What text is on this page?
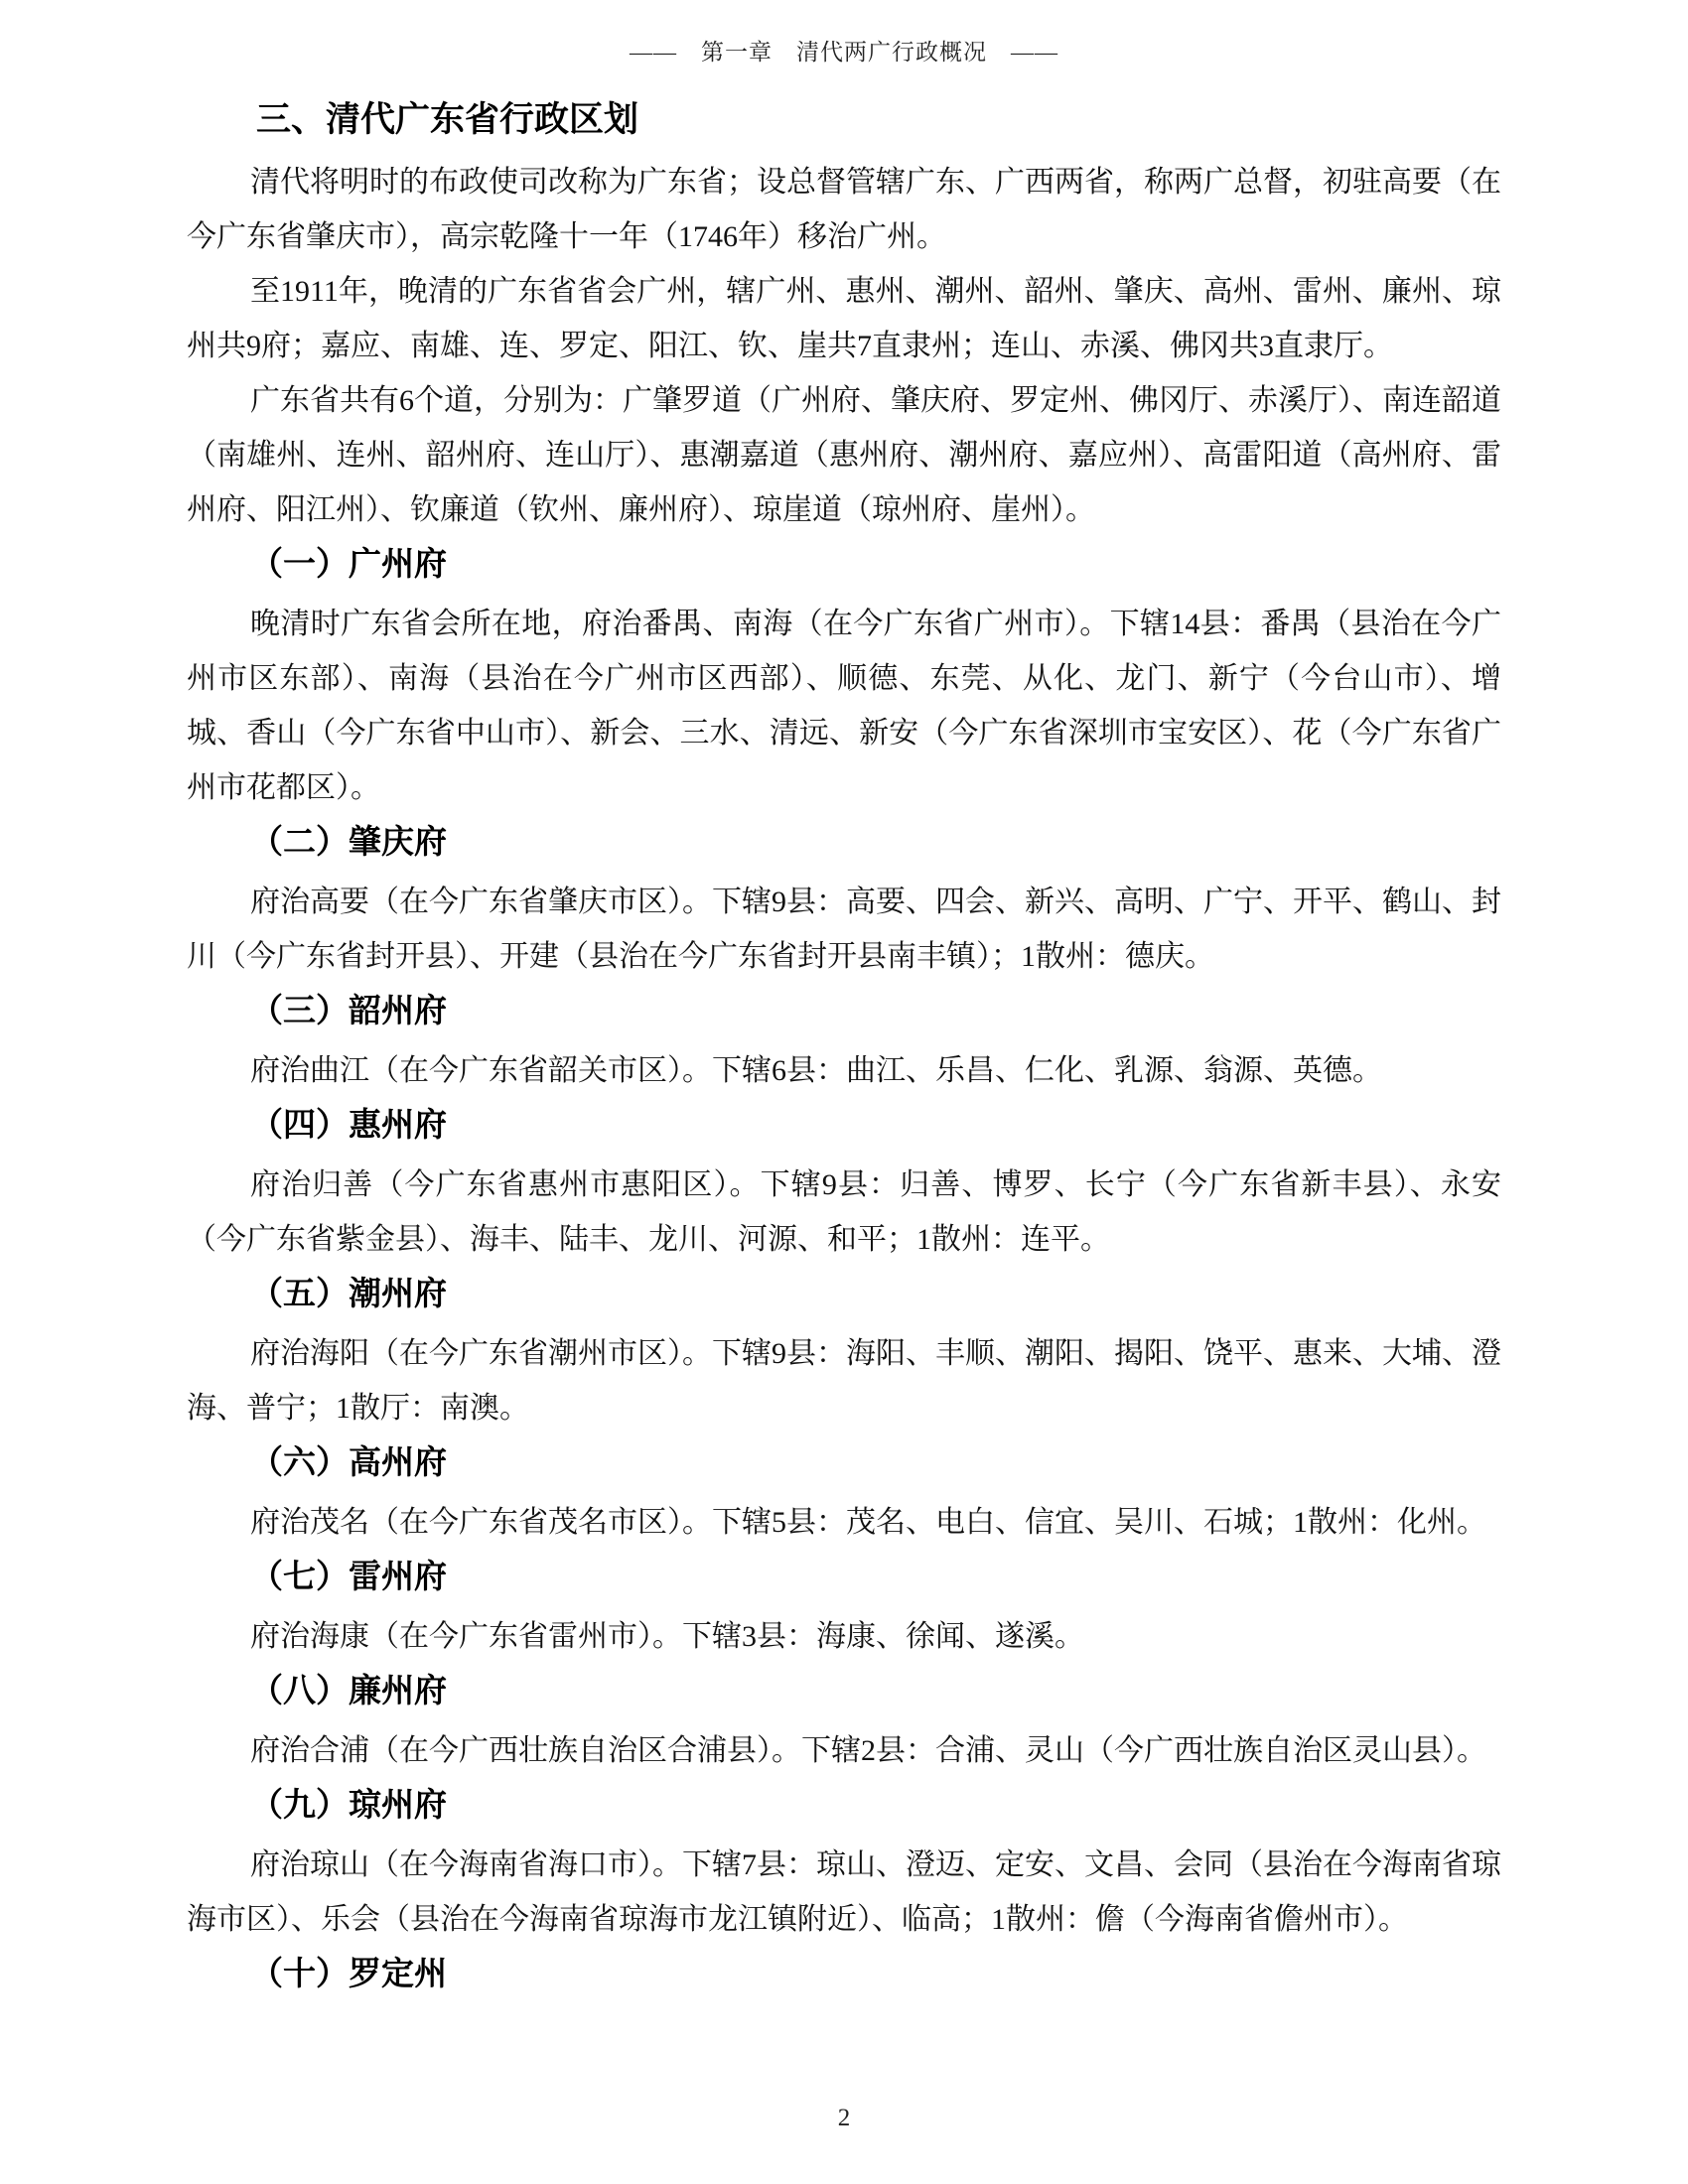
——　第一章　清代两广行政概况　——
三、清代广东省行政区划

清代将明时的布政使司改称为广东省；设总督管辖广东、广西两省，称两广总督，初驻高要（在今广东省肇庆市），高宗乾隆十一年（1746年）移治广州。

至1911年，晚清的广东省省会广州，辖广州、惠州、潮州、韶州、肇庆、高州、雷州、廉州、琼州共9府；嘉应、南雄、连、罗定、阳江、钦、崖共7直隶州；连山、赤溪、佛冈共3直隶厅。

广东省共有6个道，分别为：广肇罗道（广州府、肇庆府、罗定州、佛冈厅、赤溪厅）、南连韶道（南雄州、连州、韶州府、连山厅）、惠潮嘉道（惠州府、潮州府、嘉应州）、高雷阳道（高州府、雷州府、阳江州）、钦廉道（钦州、廉州府）、琼崖道（琼州府、崖州）。

（一）广州府

晚清时广东省会所在地，府治番禺、南海（在今广东省广州市）。下辖14县：番禺（县治在今广州市区东部）、南海（县治在今广州市区西部）、顺德、东莞、从化、龙门、新宁（今台山市）、增城、香山（今广东省中山市）、新会、三水、清远、新安（今广东省深圳市宝安区）、花（今广东省广州市花都区）。

（二）肇庆府

府治高要（在今广东省肇庆市区）。下辖9县：高要、四会、新兴、高明、广宁、开平、鹤山、封川（今广东省封开县）、开建（县治在今广东省封开县南丰镇）；1散州：德庆。

（三）韶州府

府治曲江（在今广东省韶关市区）。下辖6县：曲江、乐昌、仁化、乳源、翁源、英德。

（四）惠州府

府治归善（今广东省惠州市惠阳区）。下辖9县：归善、博罗、长宁（今广东省新丰县）、永安（今广东省紫金县）、海丰、陆丰、龙川、河源、和平；1散州：连平。

（五）潮州府

府治海阳（在今广东省潮州市区）。下辖9县：海阳、丰顺、潮阳、揭阳、饶平、惠来、大埔、澄海、普宁；1散厅：南澳。

（六）高州府

府治茂名（在今广东省茂名市区）。下辖5县：茂名、电白、信宜、吴川、石城；1散州：化州。

（七）雷州府

府治海康（在今广东省雷州市）。下辖3县：海康、徐闻、遂溪。

（八）廉州府

府治合浦（在今广西壮族自治区合浦县）。下辖2县：合浦、灵山（今广西壮族自治区灵山县）。

（九）琼州府

府治琼山（在今海南省海口市）。下辖7县：琼山、澄迈、定安、文昌、会同（县治在今海南省琼海市区）、乐会（县治在今海南省琼海市龙江镇附近）、临高；1散州：儋（今海南省儋州市）。

（十）罗定州
2
